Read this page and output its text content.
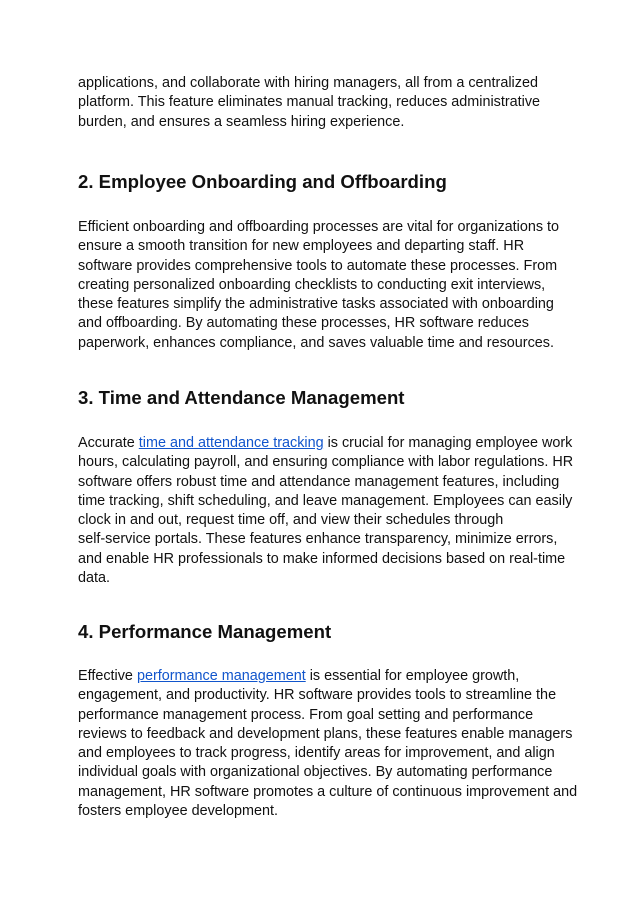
applications, and collaborate with hiring managers, all from a centralized
platform. This feature eliminates manual tracking, reduces administrative
burden, and ensures a seamless hiring experience.

2. Employee Onboarding and Offboarding

Efficient onboarding and offboarding processes are vital for organizations to
ensure a smooth transition for new employees and departing staff. HR
software provides comprehensive tools to automate these processes. From
creating personalized onboarding checklists to conducting exit interviews,
these features simplify the administrative tasks associated with onboarding
and offboarding. By automating these processes, HR software reduces
paperwork, enhances compliance, and saves valuable time and resources.

3. Time and Attendance Management

Accurate time and attendance tracking is crucial for managing employee work
hours, calculating payroll, and ensuring compliance with labor regulations. HR
software offers robust time and attendance management features, including
time tracking, shift scheduling, and leave management. Employees can easily
clock in and out, request time off, and view their schedules through
self-service portals. These features enhance transparency, minimize errors,
and enable HR professionals to make informed decisions based on real-time
data.

4. Performance Management

Effective performance management is essential for employee growth,
engagement, and productivity. HR software provides tools to streamline the
performance management process. From goal setting and performance
reviews to feedback and development plans, these features enable managers
and employees to track progress, identify areas for improvement, and align
individual goals with organizational objectives. By automating performance
management, HR software promotes a culture of continuous improvement and
fosters employee development.
